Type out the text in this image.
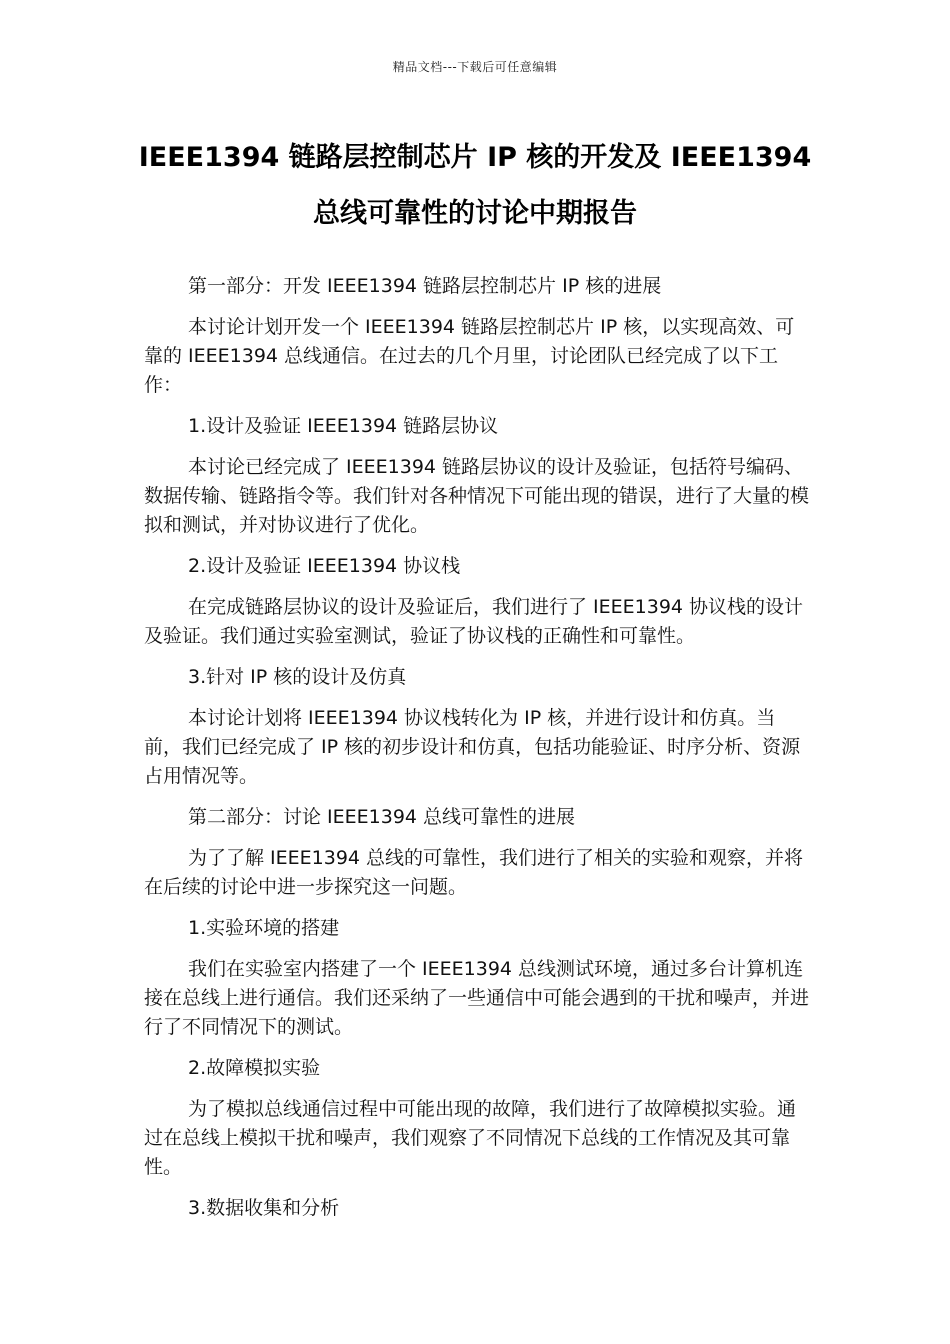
精品文档---下载后可任意编辑
IEEE1394 链路层控制芯片 IP 核的开发及 IEEE1394
总线可靠性的讨论中期报告

第一部分：开发 IEEE1394 链路层控制芯片 IP 核的进展

本讨论计划开发一个 IEEE1394 链路层控制芯片 IP 核，以实现高效、可靠的 IEEE1394 总线通信。在过去的几个月里，讨论团队已经完成了以下工作：

1.设计及验证 IEEE1394 链路层协议

本讨论已经完成了 IEEE1394 链路层协议的设计及验证，包括符号编码、数据传输、链路指令等。我们针对各种情况下可能出现的错误，进行了大量的模拟和测试，并对协议进行了优化。

2.设计及验证 IEEE1394 协议栈

在完成链路层协议的设计及验证后，我们进行了 IEEE1394 协议栈的设计及验证。我们通过实验室测试，验证了协议栈的正确性和可靠性。

3.针对 IP 核的设计及仿真

本讨论计划将 IEEE1394 协议栈转化为 IP 核，并进行设计和仿真。当前，我们已经完成了 IP 核的初步设计和仿真，包括功能验证、时序分析、资源占用情况等。

第二部分：讨论 IEEE1394 总线可靠性的进展

为了了解 IEEE1394 总线的可靠性，我们进行了相关的实验和观察，并将在后续的讨论中进一步探究这一问题。

1.实验环境的搭建

我们在实验室内搭建了一个 IEEE1394 总线测试环境，通过多台计算机连接在总线上进行通信。我们还采纳了一些通信中可能会遇到的干扰和噪声，并进行了不同情况下的测试。

2.故障模拟实验

为了模拟总线通信过程中可能出现的故障，我们进行了故障模拟实验。通过在总线上模拟干扰和噪声，我们观察了不同情况下总线的工作情况及其可靠性。

3.数据收集和分析
